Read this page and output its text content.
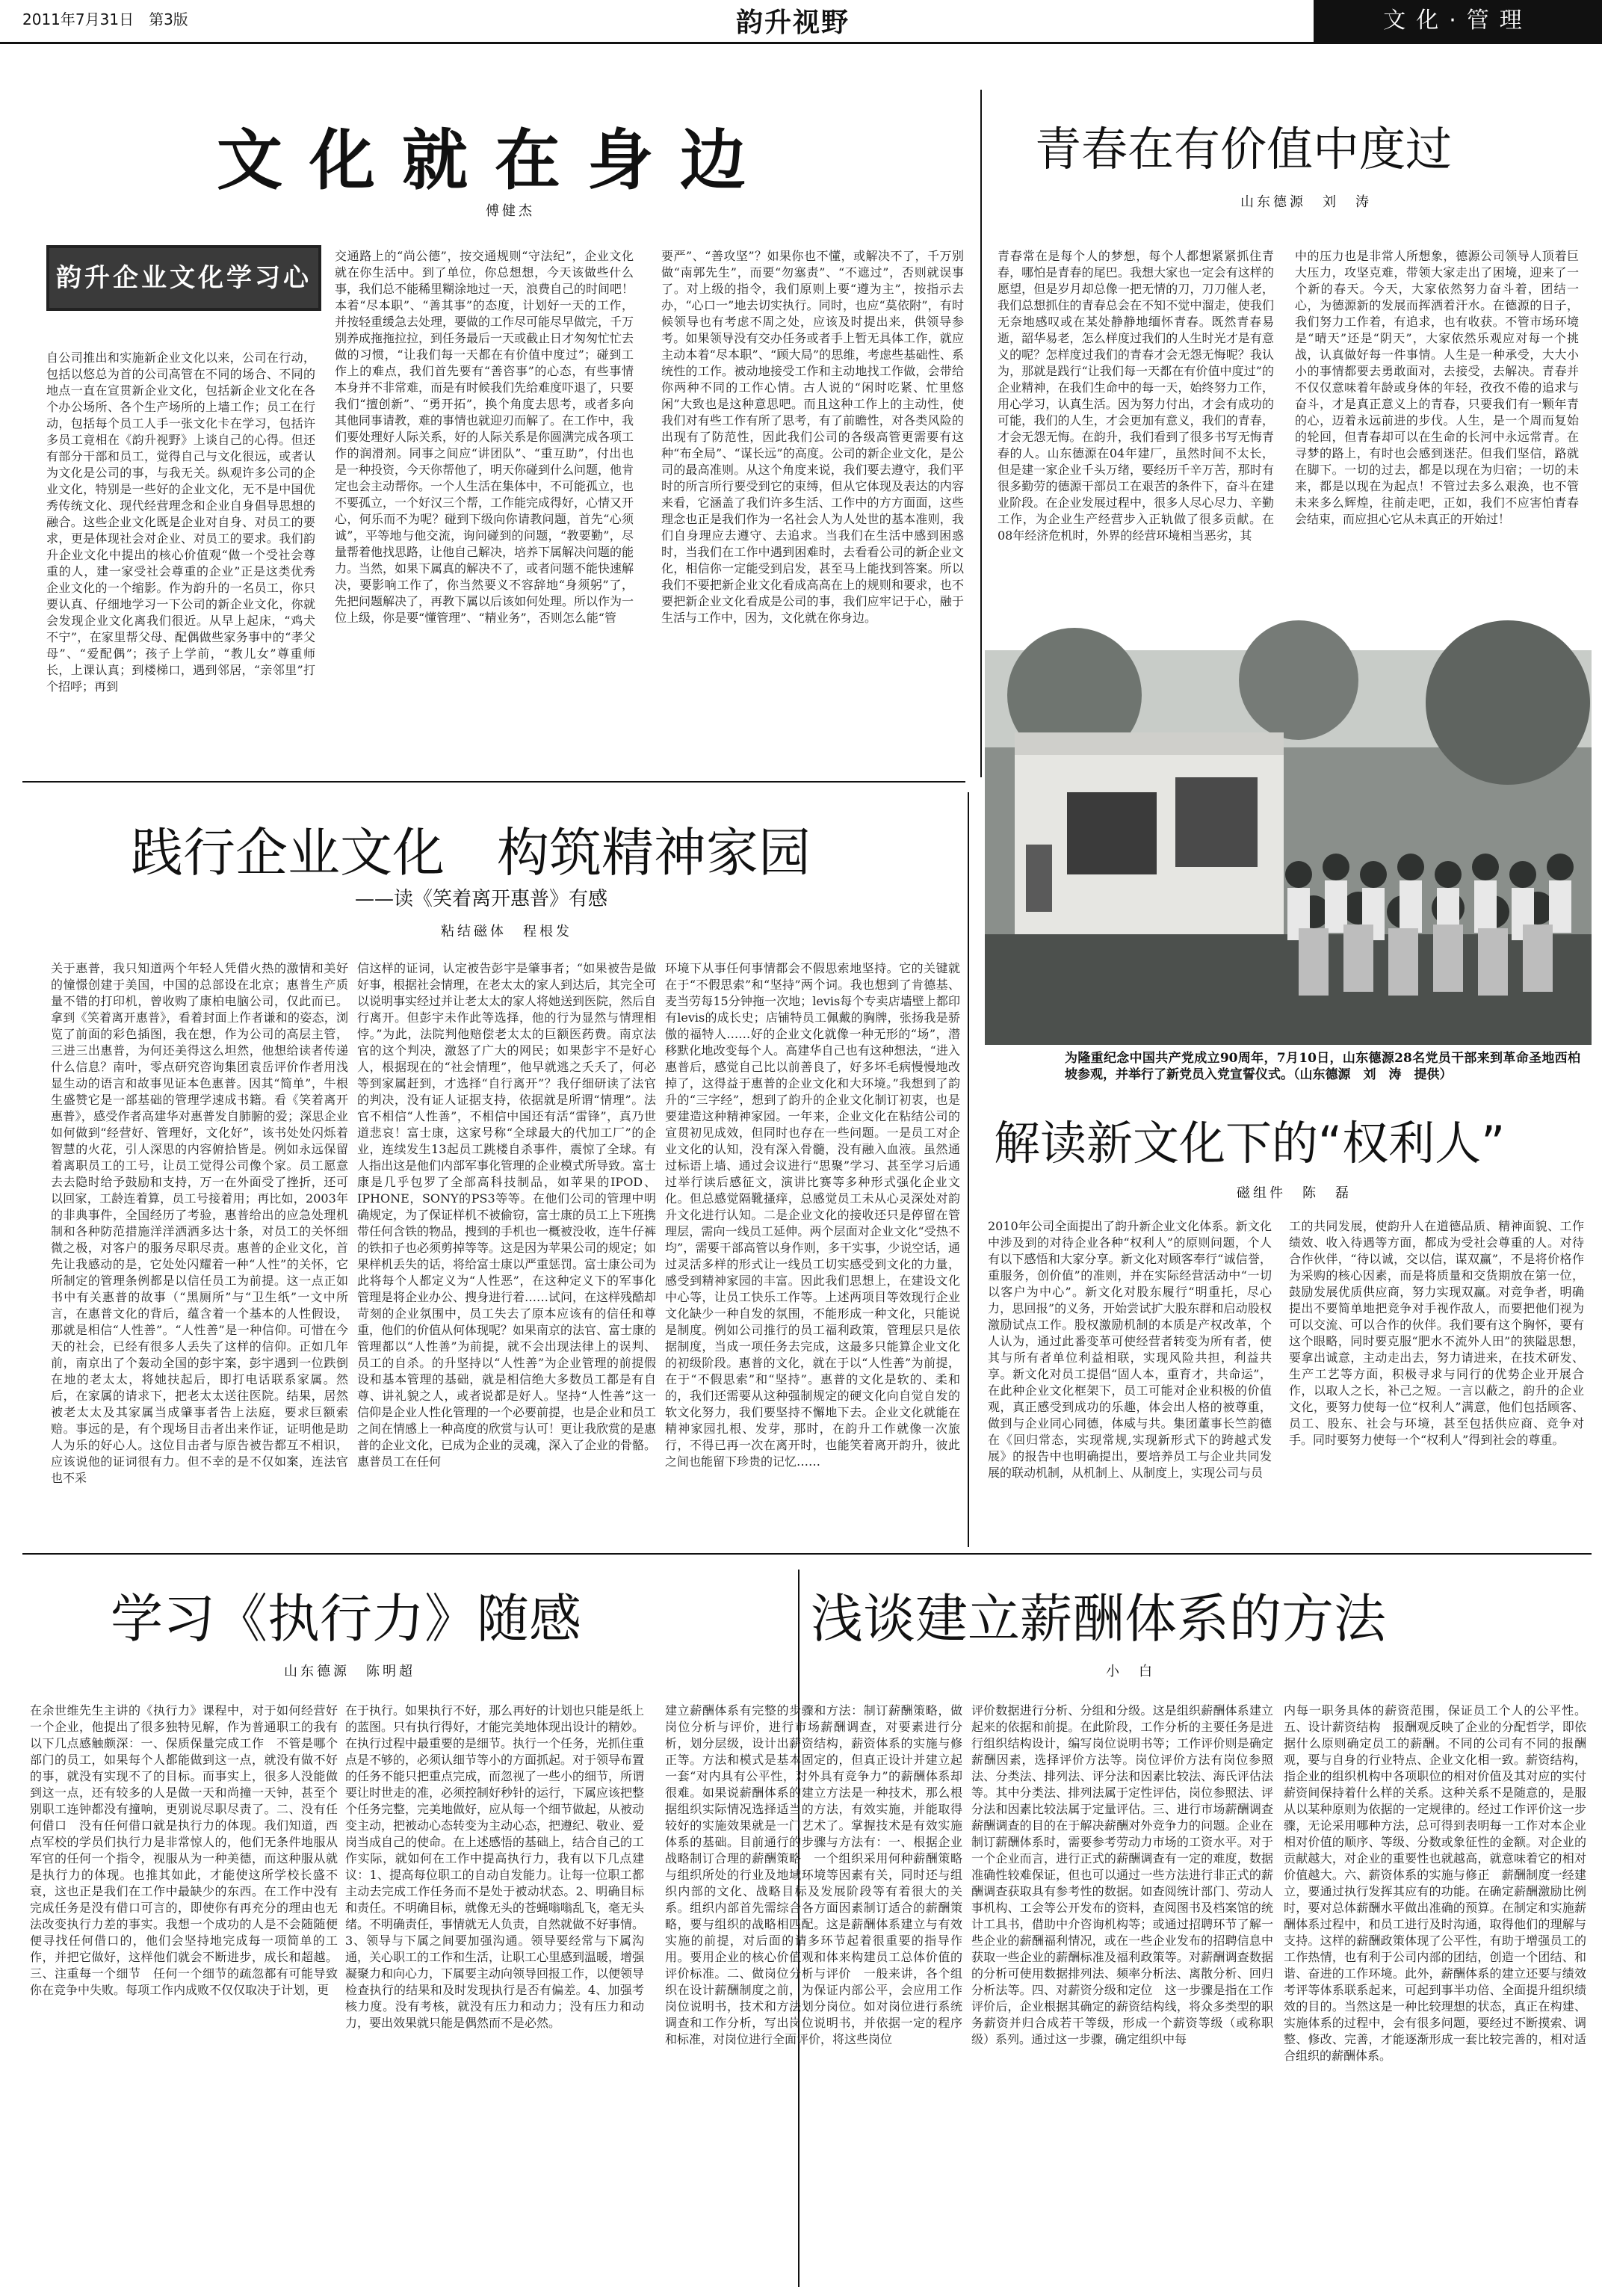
2011年7月31日　第3版	韵升视野	文化·管理
文化就在身边
傅健杰
韵升企业文化学习心得
自公司推出和实施新企业文化以来，公司在行动，包括以悠总为首的公司高管在不同的场合、不同的地点一直在宣贯新企业文化，包括新企业文化在各个办公场所、各个生产场所的上墙工作；员工在行动，包括每个员工人手一张文化卡在学习，包括许多员工竟相在《韵升视野》上谈自己的心得。但还有部分干部和员工，觉得自己与文化很远，或者认为文化是公司的事，与我无关。纵观许多公司的企业文化，特别是一些好的企业文化，无不是中国优秀传统文化、现代经营理念和企业自身倡导思想的融合。这些企业文化既是企业对自身、对员工的要求，更是体现社会对企业、对员工的要求。我们韵升企业文化中提出的核心价值观“做一个受社会尊重的人，建一家受社会尊重的企业”正是这类优秀企业文化的一个缩影。作为韵升的一名员工，你只要认真、仔细地学习一下公司的新企业文化，你就会发现企业文化离我们很近。从早上起床，“鸡犬不宁”，在家里帮父母、配偶做些家务事中的“孝父母”、“爱配偶”；孩子上学前，“教儿女”尊重师长，上课认真；到楼梯口，遇到邻居，“亲邻里”打个招呼；再到
交通路上的“尚公德”，按交通规则“守法纪”，企业文化就在你生活中。到了单位，你总想想，今天该做些什么事，我们总不能稀里糊涂地过一天，浪费自己的时间吧！本着“尽本职”、“善其事”的态度，计划好一天的工作，并按轻重缓急去处理，要做的工作尽可能尽早做完，千万别养成拖拖拉拉，到任务最后一天或截止日才匆匆忙忙去做的习惯，“让我们每一天都在有价值中度过”；碰到工作上的难点，我们首先要有“善咨事”的心态，有些事情本身并不非常难，而是有时候我们先给难度吓退了，只要我们“擅创新”、“勇开拓”，换个角度去思考，或者多向其他同事请教，难的事情也就迎刃而解了。在工作中，我们要处理好人际关系，好的人际关系是你圆满完成各项工作的润滑剂。同事之间应“讲团队”、“重互助”，付出也是一种投资，今天你帮他了，明天你碰到什么问题，他肯定也会主动帮你。一个人生活在集体中，不可能孤立，也不要孤立，一个好汉三个帮，工作能完成得好，心情又开心，何乐而不为呢？碰到下级向你请教问题，首先“心须诚”，平等地与他交流，询问碰到的问题，“教要勤”，尽量帮着他找思路，让他自己解决，培养下属解决问题的能力。当然，如果下属真的解决不了，或者问题不能快速解决，要影响工作了，你当然要义不容辞地“身须躬”了，先把问题解决了，再教下属以后该如何处理。所以作为一位上级，你是要“懂管理”、“精业务”，否则怎么能“管
要严”、“善攻坚”？如果你也不懂，或解决不了，千万别做“南郭先生”，而要“勿塞责”、“不遮过”，否则就误事了。对上级的指令，我们原则上要“遵为主”，按指示去办，“心口一”地去切实执行。同时，也应“莫依附”，有时候领导也有考虑不周之处，应该及时提出来，供领导参考。如果领导没有交办任务或者手上暂无具体工作，就应主动本着“尽本职”、“顾大局”的思维，考虑些基础性、系统性的工作。被动地接受工作和主动地找工作做，会带给你两种不同的工作心情。古人说的“闲时吃紧、忙里悠闲”大致也是这种意思吧。而且这种工作上的主动性，使我们对有些工作有所了思考，有了前瞻性，对各类风险的出现有了防范性，因此我们公司的各级高管更需要有这种“布全局”、“谋长远”的高度。公司的新企业文化，是公司的最高准则。从这个角度来说，我们要去遵守，我们平时的所言所行要受到它的束缚，但从它体现及表达的内容来看，它涵盖了我们许多生活、工作中的方方面面，这些理念也正是我们作为一名社会人为人处世的基本准则，我们自身理应去遵守、去追求。当我们在生活中感到困惑时，当我们在工作中遇到困难时，去看看公司的新企业文化，相信你一定能受到启发，甚至马上能找到答案。所以我们不要把新企业文化看成高高在上的规则和要求，也不要把新企业文化看成是公司的事，我们应牢记于心，融于生活与工作中，因为，文化就在你身边。
青春在有价值中度过
山东德源　刘　涛
青春常在是每个人的梦想，每个人都想紧紧抓住青春，哪怕是青春的尾巴。我想大家也一定会有这样的愿望，但是岁月却总像一把无情的刀，刀刀催人老，我们总想抓住的青春总会在不知不觉中溜走，使我们无奈地感叹或在某处静静地缅怀青春。既然青春易逝，韶华易老，怎么样度过我们的人生时光才是有意义的呢？怎样度过我们的青春才会无怨无悔呢？我认为，那就是践行“让我们每一天都在有价值中度过”的企业精神，在我们生命中的每一天，始终努力工作，用心学习，认真生活。因为努力付出，才会有成功的可能，我们的人生，才会更加有意义，我们的青春，才会无怨无悔。在韵升，我们看到了很多书写无悔青春的人。山东德源在04年建厂，虽然时间不太长，但是建一家企业千头万绪，要经历千辛万苦，那时有很多勤劳的德源干部员工在艰苦的条件下，奋斗在建业阶段。在企业发展过程中，很多人尽心尽力、辛勤工作，为企业生产经营步入正轨做了很多贡献。在08年经济危机时，外界的经营环境相当恶劣，其
中的压力也是非常人所想象，德源公司领导人顶着巨大压力，攻坚克难，带领大家走出了困境，迎来了一个新的春天。今天，大家依然努力奋斗着，团结一心，为德源新的发展而挥洒着汗水。在德源的日子，我们努力工作着，有追求，也有收获。不管市场环境是“晴天”还是“阴天”，大家依然乐观应对每一个挑战，认真做好每一件事情。人生是一种承受，大大小小的事情都要去勇敢面对，去接受，去解决。青春并不仅仅意味着年龄或身体的年轻，孜孜不倦的追求与奋斗，才是真正意义上的青春，只要我们有一颗年青的心，迈着永远前进的步伐。人生，是一个周而复始的轮回，但青春却可以在生命的长河中永远常青。在寻梦的路上，有时也会感到迷茫。但我们坚信，路就在脚下。一切的过去，都是以现在为归宿；一切的未来，都是以现在为起点！不管过去多么艰涣，也不管未来多么辉煌，往前走吧，正如，我们不应害怕青春会结束，而应担心它从未真正的开始过！
为隆重纪念中国共产党成立90周年，7月10日，山东德源28名党员干部来到革命圣地西柏坡参观，并举行了新党员入党宣誓仪式。（山东德源　刘　涛　提供）
践行企业文化　构筑精神家园
——读《笑着离开惠普》有感
粘结磁体　程根发
关于惠普，我只知道两个年轻人凭借火热的激情和美好的憧憬创建于美国，中国的总部设在北京；惠普生产质量不错的打印机，曾收购了康柏电脑公司，仅此而已。拿到《笑着离开惠普》，看着封面上作者谦和的姿态，浏览了前面的彩色插图，我在想，作为公司的高层主管，三进三出惠普，为何还美得这么坦然，他想给读者传递什么信息？南叶，零点研究咨询集团袁岳评价作者用浅显生动的语言和故事见证本色惠普。因其“简单”，牛根生盛赞它是一部基础的管理学速成书籍。看《笑着离开惠普》，感受作者高建华对惠普发自肺腑的爱；深思企业如何做到“经营好、管理好，文化好”，该书处处闪烁着智慧的火花，引人深思的内容俯拾皆是。例如永远保留着离职员工的工号，让员工觉得公司像个家。员工愿意去去隐时给予鼓励和支持，万一在外面受了挫折，还可以回家，工龄连着算，员工号接着用；再比如，2003年的非典事件，全国经历了考验，惠普给出的应急处理机制和各种防范措施洋洋洒洒多达十条，对员工的关怀细微之极，对客户的服务尽职尽责。惠普的企业文化，首先让我感动的是，它处处闪耀着一种“人性”的关怀，它所制定的管理条例都是以信任员工为前提。这一点正如书中有关惠普的故事（“黑厕所”与“卫生纸”一文中所言，在惠普文化的背后，蕴含着一个基本的人性假设，那就是相信“人性善”。“人性善”是一种信仰。可惜在今天的社会，已经有很多人丢失了这样的信仰。正如几年前，南京出了个轰动全国的彭宇案，彭宇遇到一位跌倒在地的老太太，将她扶起后，即打电话联系家属。然后，在家属的请求下，把老太太送往医院。结果，居然被老太太及其家属当成肇事者告上法庭，要求巨额索赔。事远的是，有个现场目击者出来作证，证明他是助人为乐的好心人。这位目击者与原告被告都互不相识，应该说他的证词很有力。但不幸的是不仅如案，连法官也不采
信这样的证词，认定被告彭宇是肇事者；“如果被告是做好事，根据社会情理，在老太太的家人到达后，其完全可以说明事实经过并让老太太的家人将她送到医院，然后自行离开。但彭宇未作此等选择，他的行为显然与情理相悖。”为此，法院判他赔偿老太太的巨额医药费。南京法官的这个判决，激怒了广大的网民；如果彭宇不是好心人，根据现在的“社会情理”，他早就逃之夭夭了，何必等到家属赶到，才选择“自行离开”？我仔细研读了法官的判决，没有证人证据支持，依据就是所谓“情理”。法官不相信“人性善”，不相信中国还有活“雷锋”，真乃世道悲哀！富士康，这家号称“全球最大的代加工厂”的企业，连续发生13起员工跳楼自杀事件，震惊了全球。有人指出这是他们内部军事化管理的企业模式所导致。富士康是几乎包罗了全部高科技制品，如苹果的IPOD、IPHONE，SONY的PS3等等。在他们公司的管理中明确规定，为了保证样机不被偷窃，富士康的员工上下班携带任何含铁的物品，搜到的手机也一概被没收，连牛仔裤的铁扣子也必须剪掉等等。这是因为苹果公司的规定；如果样机丢失的话，将给富士康以严重惩罚。富士康公司为此将每个人都定义为“人性恶”，在这种定义下的军事化管理是将企业办公、搜身进行着……试问，在这样残酷却苛刻的企业氛围中，员工失去了原本应该有的信任和尊重，他们的价值从何体现呢？如果南京的法官、富士康的管理都以“人性善”为前提，就不会出现法律上的误判、员工的自杀。的升坚持以“人性善”为企业管理的前提假设和基本管理的基础，就是相信绝大多数员工都是有自尊、讲礼貌之人，或者说都是好人。坚持“人性善”这一信仰是企业人性化管理的一个必要前提，也是企业和员工之间在情感上一种高度的欣赏与认可！更让我欣赏的是惠普的企业文化，已成为企业的灵魂，深入了企业的骨骼。惠普员工在任何
环境下从事任何事情都会不假思索地坚持。它的关键就在于“不假思索”和“坚持”两个词。我也想到了肯德基、麦当劳每15分钟拖一次地；levis每个专卖店墙壁上都印有levis的成长史；店铺特员工佩戴的胸牌，张扬我是骄傲的福特人……好的企业文化就像一种无形的“场”，潜移默化地改变每个人。高建华自己也有这种想法，“进入惠普后，感觉自己比以前善良了，好多坏毛病慢慢地改掉了，这得益于惠普的企业文化和大环境。”我想到了韵升的“三字经”，想到了韵升的企业文化制订初衷，也是要建造这种精神家园。一年来，企业文化在粘结公司的宣贯初见成效，但同时也存在一些问题。一是员工对企业文化的认知，没有深入骨髓，没有融入血液。虽然通过标语上墙、通过会议进行“思聚”学习、甚至学习后通过举行读后感征文，演讲比赛等多种形式强化企业文化。但总感觉隔靴搔痒，总感觉员工未从心灵深处对韵升文化进行认知。二是企业文化的接收还只是停留在管理层，需向一线员工延伸。两个层面对企业文化“受热不均”，需要干部高管以身作则，多干实事，少说空话，通过灵活多样的形式让一线员工切实感受到文化的力量，感受到精神家园的丰富。因此我们思想上，在建设文化中心等，让员工快乐工作等。上述两项目等效现行企业文化缺少一种自发的氛围，不能形成一种文化，只能说是制度。例如公司推行的员工福利政策，管理层只是依据制度，当成一项任务去完成，这最多只能算企业文化的初级阶段。惠普的文化，就在于以“人性善”为前提，在于“不假思索”和“坚持”。惠普的文化是软的、柔和的，我们还需要从这种强制规定的硬文化向自觉自发的软文化努力，我们要坚持不懈地下去。企业文化就能在精神家园扎根、发芽，那时，在韵升工作就像一次旅行，不得已再一次在离开时，也能笑着离开韵升，彼此之间也能留下珍贵的记忆……
解读新文化下的“权利人”
磁组件　陈　磊
2010年公司全面提出了韵升新企业文化体系。新文化中涉及到的对待企业各种“权利人”的原则问题，个人有以下感悟和大家分享。新文化对顾客奉行“诚信誉，重服务，创价值”的准则，并在实际经营活动中“一切以客户为中心”。新文化对股东履行“明重托，尽心力，思回报”的义务，开始尝试扩大股东群和启动股权激励试点工作。股权激励机制的本质是产权改革，个人认为，通过此番变革可使经营者转变为所有者，使其与所有者单位利益相联，实现风险共担，利益共享。新文化对员工提倡“固人本，重育才，共命运”，在此种企业文化框架下，员工可能对企业积极的价值观，真正感受到成功的乐趣，体会出人格的被尊重，做到与企业同心同德，体威与共。集团董事长竺韵德在《回归常态，实现常规,实现新形式下的跨越式发展》的报告中也明确提出，要培养员工与企业共同发展的联动机制，从机制上、从制度上，实现公司与员
工的共同发展，使韵升人在道德品质、精神面貌、工作绩效、收入待遇等方面，都成为受社会尊重的人。对待合作伙伴，“待以诚，交以信，谋双赢”，不是将价格作为采购的核心因素，而是将质量和交货期放在第一位，鼓励发展优质供应商，努力实现双赢。对竞争者，明确提出不要简单地把竞争对手视作敌人，而要把他们视为可以交流、可以合作的伙伴。我们要有这个胸怀，要有这个眼略，同时要克服“肥水不流外人田”的狭隘思想，要拿出诚意，主动走出去，努力请进来，在技术研发、生产工艺等方面，积极寻求与同行的优势企业开展合作，以取人之长，补己之短。一言以蔽之，韵升的企业文化，要努力使每一位“权利人”满意，他们包括顾客、员工、股东、社会与环境，甚至包括供应商、竞争对手。同时要努力使每一个“权利人”得到社会的尊重。
学习《执行力》随感
山东德源　陈明超
在余世维先生主讲的《执行力》课程中，对于如何经营好一个企业，他提出了很多独特见解，作为普通职工的我有以下几点感触颇深：一、保质保量完成工作　不管是哪个部门的员工，如果每个人都能做到这一点，就没有做不好的事，就没有实现不了的目标。而事实上，很多人没能做到这一点，还有较多的人是做一天和尚撞一天钟，甚至个别职工连钟都没有撞响，更别说尽职尽责了。二、没有任何借口　没有任何借口就是执行力的体现。我们知道，西点军校的学员们执行力是非常惊人的，他们无条件地服从军官的任何一个指令，视服从为一种美德，而这种服从就是执行力的体现。也推其如此，才能使这所学校长盛不衰，这也正是我们在工作中最缺少的东西。在工作中没有完成任务是没有借口可言的，即使你有再充分的理由也无法改变执行力差的事实。我想一个成功的人是不会随随便便寻找任何借口的，他们会坚持地完成每一项简单的工作，并把它做好，这样他们就会不断进步，成长和超越。三、注重每一个细节　任何一个细节的疏忽都有可能导致你在竞争中失败。每项工作内成败不仅仅取决于计划，更
在于执行。如果执行不好，那么再好的计划也只能是纸上的蓝图。只有执行得好，才能完美地体现出设计的精妙。在执行过程中最重要的是细节。执行一个任务，光抓住重点是不够的，必须认细节等小的方面抓起。对于领导布置的任务不能只把重点完成，而忽视了一些小的细节，所谓要让时世走的准，必须控制好秒针的运行，下属应该把整个任务完整，完美地做好，应从每一个细节做起，从被动变主动，把被动心态转变为主动心态，把遵纪、敬业、爱岗当成自己的使命。在上述感悟的基础上，结合自己的工作实际，就如何在工作中提高执行力，我有以下几点建议：1、提高每位职工的自动自发能力。让每一位职工都主动去完成工作任务而不是处于被动状态。2、明确目标和责任。不明确目标，就像无头的苍蝇嗡嗡乱飞，毫无头绪。不明确责任，事情就无人负责，自然就做不好事情。3、领导与下属之间要加强沟通。领导要经常与下属沟通，关心职工的工作和生活，让职工心里感到温暖，增强凝聚力和向心力，下属要主动向领导回报工作，以便领导检查执行的结果和及时发现执行是否有偏差。4、加强考核力度。没有考核，就没有压力和动力；没有压力和动力，要出效果就只能是偶然而不是必然。
浅谈建立薪酬体系的方法
小　白
建立薪酬体系有完整的步骤和方法：制订薪酬策略，做岗位分析与评价，进行市场薪酬调查，对要素进行分析，划分层级，设计出薪资结构，薪资体系的实施与修正等。方法和模式是基本固定的，但真正设计并建立起一套“对内具有公平性，对外具有竞争力”的薪酬体系却很难。如果说薪酬体系的建立方法是一种技术，那么根据组织实际情况选择适当的方法，有效实施，并能取得较好的实施效果就是一门艺术了。掌握技术是有效实施体系的基础。目前通行的步骤与方法有：一、根据企业战略制订合理的薪酬策略　一个组织采用何种薪酬策略与组织所处的行业及地域环境等因素有关，同时还与组织内部的文化、战略目标及发展阶段等有着很大的关系。组织内部首先需综合各方面因素制订适合的薪酬策略，要与组织的战略相匹配。这是薪酬体系建立与有效实施的前提，对后面的请多环节起着很重要的指导作用。要用企业的核心价值观和体来构建员工总体价值的评价标准。二、做岗位分析与评价　一般来讲，各个组织在设计薪酬制度之前，为保证内部公平，会应用工作岗位说明书，技术和方法划分岗位。如对岗位进行系统调查和工作分析，写出岗位说明书，并依据一定的程序和标准，对岗位进行全面评价，将这些岗位
评价数据进行分析、分组和分级。这是组织薪酬体系建立起来的依据和前提。在此阶段，工作分析的主要任务是进行组织结构设计，编写岗位说明书等；工作评价则是确定薪酬因素，选择评价方法等。岗位评价方法有岗位参照法、分类法、排列法、评分法和因素比较法、海氏评估法等。其中分类法、排列法属于定性评估，岗位参照法、评分法和因素比较法属于定量评估。三、进行市场薪酬调查　薪酬调查的目的在于解决薪酬对外竞争力的问题。企业在制订薪酬体系时，需要参考劳动力市场的工资水平。对于一个企业而言，进行正式的薪酬调查有一定的难度，数据准确性较难保证，但也可以通过一些方法进行非正式的薪酬调查获取具有参考性的数据。如查阅统计部门、劳动人事机构、工会等公开发布的资料，查阅图书及档案馆的统计工具书，借助中介咨询机构等；或通过招聘环节了解一些企业的薪酬福利情况，或在一些企业发布的招聘信息中获取一些企业的薪酬标准及福利政策等。对薪酬调查数据的分析可使用数据排列法、频率分析法、离散分析、回归分析法等。四、对薪资分级和定位　这一步骤是指在工作评价后，企业根据其确定的薪资结构线，将众多类型的职务薪资并归合成若干等级，形成一个薪资等级（或称职级）系列。通过这一步骤，确定组织中每
内每一职务具体的薪资范围，保证员工个人的公平性。五、设计薪资结构　报酬观反映了企业的分配哲学，即依据什么原则确定员工的薪酬。不同的公司有不同的报酬观，要与自身的行业特点、企业文化相一致。薪资结构，指企业的组织机构中各项职位的相对价值及其对应的实付薪资间保持着什么样的关系。这种关系不是随意的，是服从以某种原则为依据的一定规律的。经过工作评价这一步骤，无论采用哪种方法，总可得到表明每一工作对本企业相对价值的顺序、等级、分数或象征性的金额。对企业的贡献越大，对企业的重要性也就越高，就意味着它的相对价值越大。六、薪资体系的实施与修正　薪酬制度一经建立，要通过执行发挥其应有的功能。在确定薪酬激励比例时，要对总体薪酬水平做出准确的预算。在制定和实施薪酬体系过程中，和员工进行及时沟通，取得他们的理解与支持。这样的薪酬政策体现了公平性，有助于增强员工的工作热情，也有利于公司内部的团结，创造一个团结、和谐、奋进的工作环境。此外，薪酬体系的建立还要与绩效考评等体系联系起来，可起到事半功倍、全面提升组织绩效的目的。当然这是一种比较理想的状态，真正在构建、实施体系的过程中，会有很多问题，要经过不断摸索、调整、修改、完善，才能逐渐形成一套比较完善的，相对适合组织的薪酬体系。
